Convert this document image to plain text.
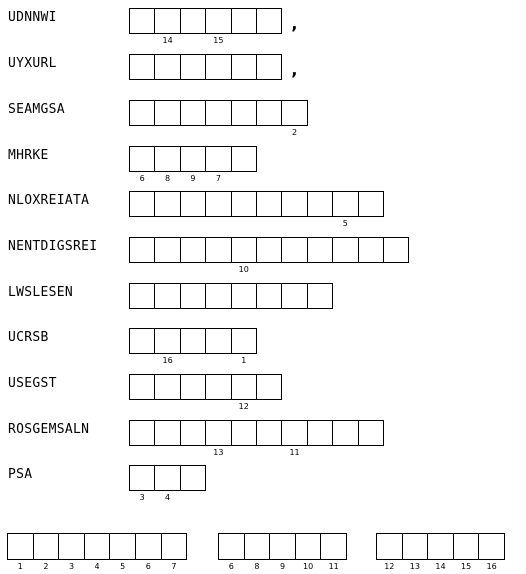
UDNNWI
14	15
,
UYXURL	,
SEAMGSA
2
MHRKE
6	8	9	7
NLOXREIATA
5
NENTDIGSREI
10
LWSLESEN
UCRSB
16	1
USEGST
12
ROSGEMSALN
13	11
PSA
3	4
1	2	3	4	5	6	7	6	8	9	10	11	12	13	14	15	16
